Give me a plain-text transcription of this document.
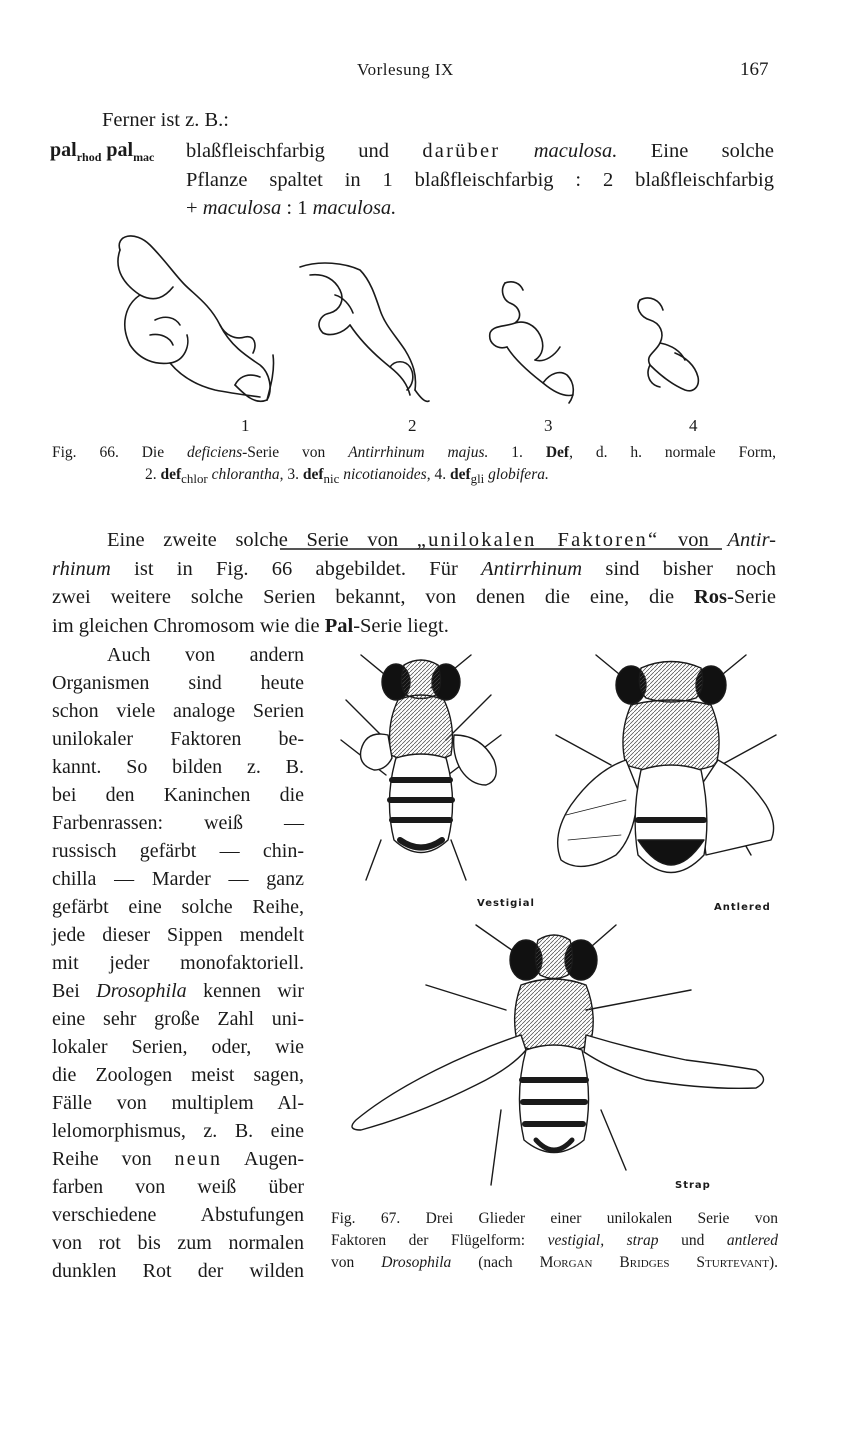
Vorlesung IX	167
Ferner ist z. B.:
pal$_{rhod}$ pal$_{mac}$ blaßfleischfarbig und darüber maculosa. Eine solche
Pflanze spaltet in 1 blaßfleischfarbig : 2 blaßfleischfarbig
+ maculosa : 1 maculosa.
1	2	3	4
Fig. 66. Die deficiens-Serie von Antirrhinum majus. 1. Def, d. h. normale Form,
2. def$_{chlor}$ chlorantha, 3. def$_{nic}$ nicotianoides, 4. def$_{gli}$ globifera.
Eine zweite solche Serie von „unilokalen Faktoren“ von Antir-
rhinum ist in Fig. 66 abgebildet. Für Antirrhinum sind bisher noch
zwei weitere solche Serien bekannt, von denen die eine, die Ros-Serie
im gleichen Chromosom wie die Pal-Serie liegt.
Auch von andern
Organismen sind heute
schon viele analoge Serien
unilokaler Faktoren be-
kannt. So bilden z. B.
bei den Kaninchen die
Farbenrassen: weiß —
russisch gefärbt — chin-
chilla — Marder — ganz
gefärbt eine solche Reihe,
jede dieser Sippen mendelt
mit jeder monofaktoriell.
Bei Drosophila kennen wir
eine sehr große Zahl uni-
lokaler Serien, oder, wie
die Zoologen meist sagen,
Fälle von multiplem Al-
lelomorphismus, z. B. eine
Reihe von neun Augen-
farben von weiß über
verschiedene Abstufungen
von rot bis zum normalen
dunklen Rot der wilden
Vestigial	Antlered
Strap
Fig. 67. Drei Glieder einer unilokalen Serie von
Faktoren der Flügelform: vestigial, strap und antlered
von Drosophila (nach Morgan Bridges Sturtevant).
